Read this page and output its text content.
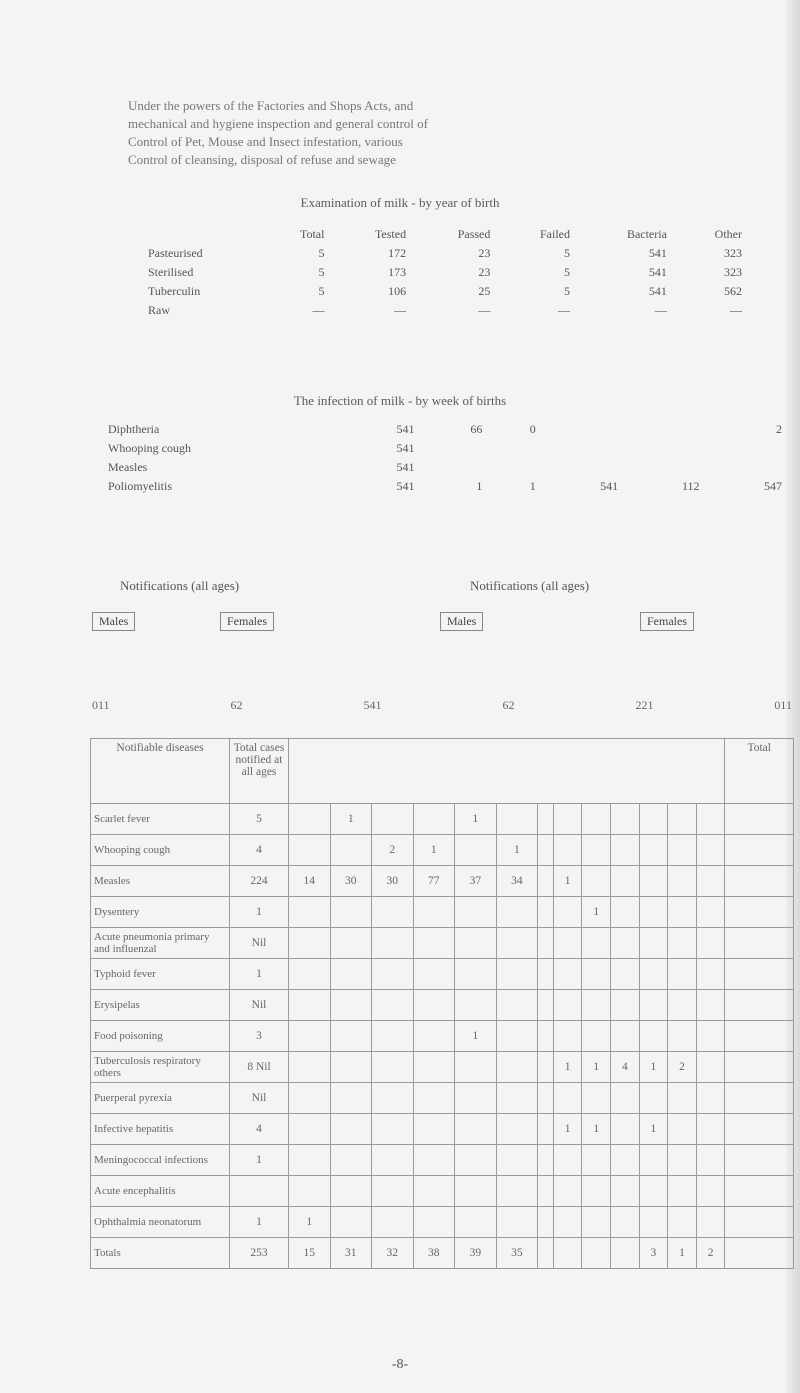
Under the powers of the Factories and Shops Acts, and
mechanical and hygiene inspection and general control of
Control of Pet, Mouse and Insect infestation, various
Control of cleansing, disposal of refuse and sewage
Examination of milk - by year of birth
	Total	Tested	Passed	Failed	Bacteria	Other
Pasteurised	5	172	23	5	541	323
Sterilised	5	173	23	5	541	323
Tuberculin	5	106	25	5	541	562
Raw	—	—	—	—	—	—
The infection of milk - by week of births
Diphtheria	541	66	0			2
Whooping cough	541					
Measles	541					
Poliomyelitis	541	1	1	541	112	547
Notifications (all ages)	Notifications (all ages)
Males	Females	Males	Females
011	62	541	62	221	011
Notifiable diseases	Total cases notified at all ages														Total
Scarlet fever	5		1			1									
Whooping cough	4			2	1		1								
Measles	224	14	30	30	77	37	34		1						
Dysentery	1									1					
Acute pneumonia primary and influenzal	Nil														
Typhoid fever	1														
Erysipelas	Nil														
Food poisoning	3					1									
Tuberculosis respiratory others	8 Nil								1	1	4	1	2		
Puerperal pyrexia	Nil														
Infective hepatitis	4								1	1		1			
Meningococcal infections	1														
Acute encephalitis															
Ophthalmia neonatorum	1	1													
Totals	253	15	31	32	38	39	35					3	1	2	
-8-
